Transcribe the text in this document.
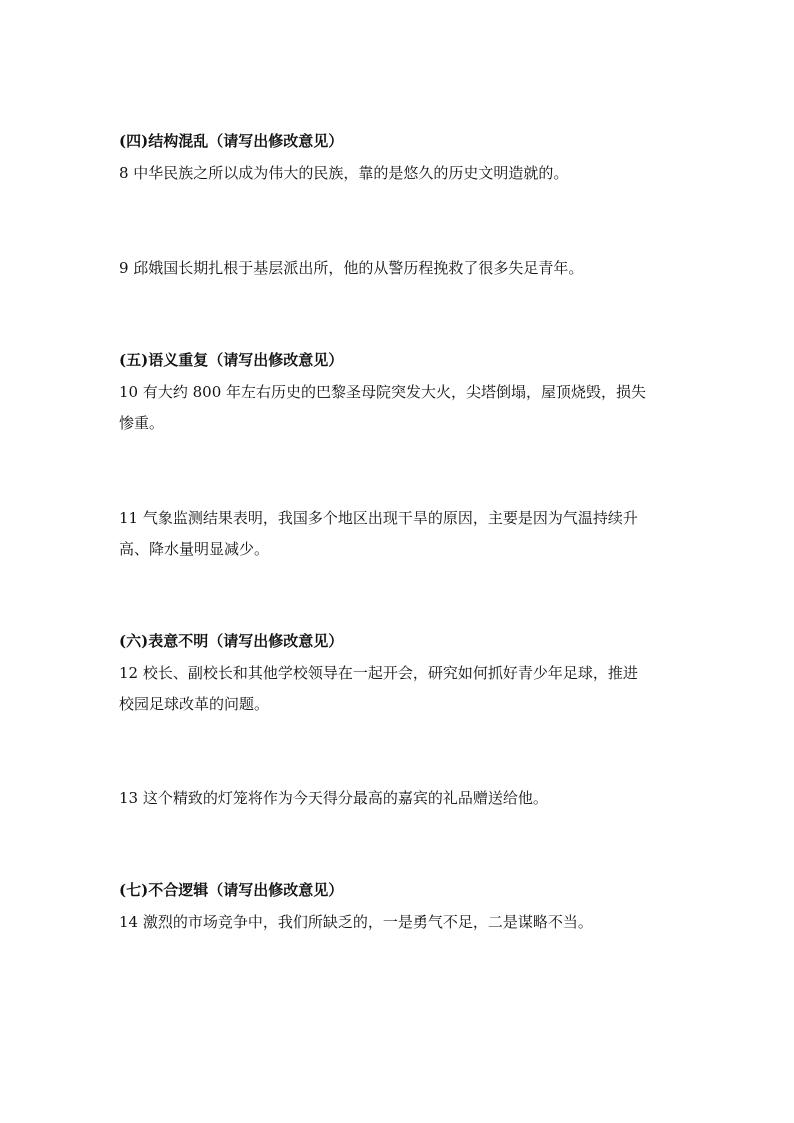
(四)结构混乱（请写出修改意见）
8 中华民族之所以成为伟大的民族，靠的是悠久的历史文明造就的。
9 邱娥国长期扎根于基层派出所，他的从警历程挽救了很多失足青年。
(五)语义重复（请写出修改意见）
10 有大约 800 年左右历史的巴黎圣母院突发大火，尖塔倒塌，屋顶烧毁，损失
惨重。
11 气象监测结果表明，我国多个地区出现干旱的原因，主要是因为气温持续升
高、降水量明显减少。
(六)表意不明（请写出修改意见）
12 校长、副校长和其他学校领导在一起开会，研究如何抓好青少年足球，推进
校园足球改革的问题。
13 这个精致的灯笼将作为今天得分最高的嘉宾的礼品赠送给他。
(七)不合逻辑（请写出修改意见）
14 激烈的市场竞争中，我们所缺乏的，一是勇气不足，二是谋略不当。
